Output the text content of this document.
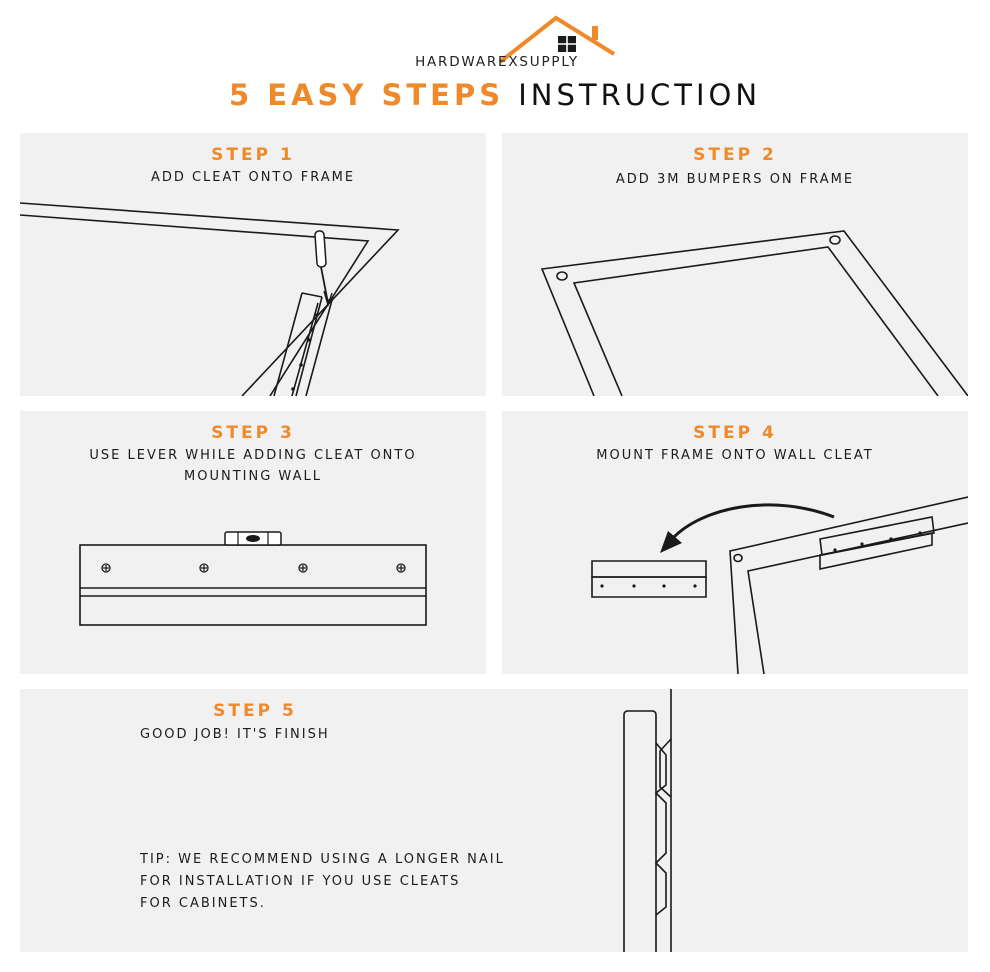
HARDWAREXSUPPLY
5 EASY STEPS INSTRUCTION
STEP 1
ADD CLEAT ONTO FRAME
STEP 2
ADD 3M BUMPERS ON FRAME
STEP 3
USE LEVER WHILE ADDING CLEAT ONTO
MOUNTING WALL
STEP 4
MOUNT FRAME ONTO WALL CLEAT
STEP 5
GOOD JOB! IT'S FINISH
TIP: WE RECOMMEND USING A LONGER NAIL
FOR INSTALLATION IF YOU USE CLEATS
FOR CABINETS.
